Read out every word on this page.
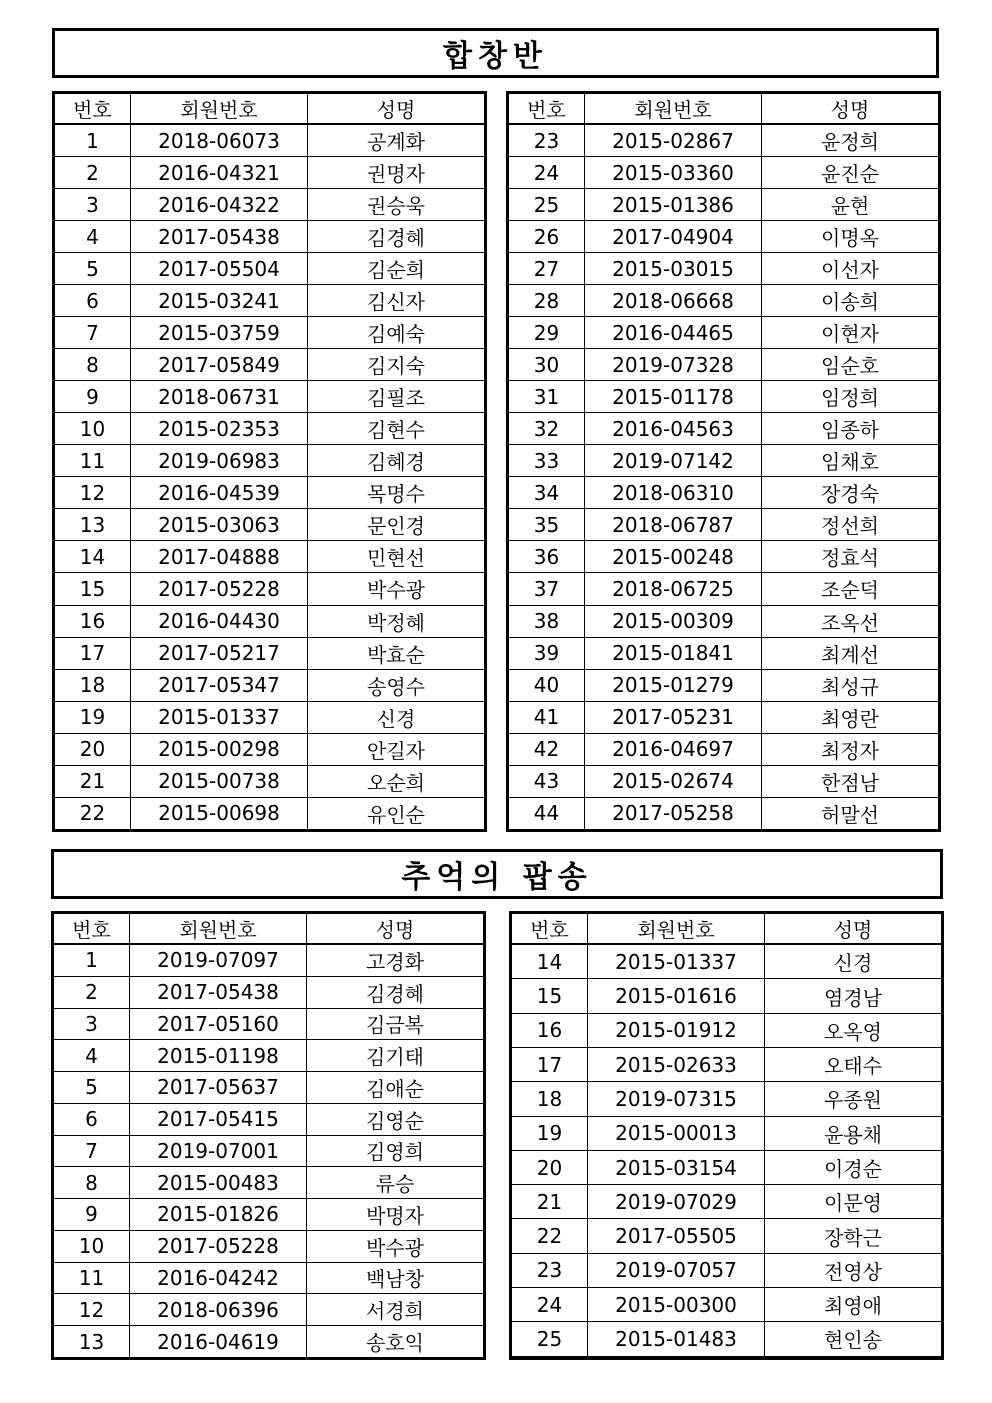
합창반
번호	회원번호	성명
1	2018-06073	공계화
2	2016-04321	권명자
3	2016-04322	권승욱
4	2017-05438	김경혜
5	2017-05504	김순희
6	2015-03241	김신자
7	2015-03759	김예숙
8	2017-05849	김지숙
9	2018-06731	김필조
10	2015-02353	김현수
11	2019-06983	김혜경
12	2016-04539	목명수
13	2015-03063	문인경
14	2017-04888	민현선
15	2017-05228	박수광
16	2016-04430	박정혜
17	2017-05217	박효순
18	2017-05347	송영수
19	2015-01337	신경
20	2015-00298	안길자
21	2015-00738	오순희
22	2015-00698	유인순
번호	회원번호	성명
23	2015-02867	윤정희
24	2015-03360	윤진순
25	2015-01386	윤현
26	2017-04904	이명옥
27	2015-03015	이선자
28	2018-06668	이송희
29	2016-04465	이현자
30	2019-07328	임순호
31	2015-01178	임정희
32	2016-04563	임종하
33	2019-07142	임채호
34	2018-06310	장경숙
35	2018-06787	정선희
36	2015-00248	정효석
37	2018-06725	조순덕
38	2015-00309	조옥선
39	2015-01841	최계선
40	2015-01279	최성규
41	2017-05231	최영란
42	2016-04697	최정자
43	2015-02674	한점남
44	2017-05258	허말선
추억의 팝송
번호	회원번호	성명
1	2019-07097	고경화
2	2017-05438	김경혜
3	2017-05160	김금복
4	2015-01198	김기태
5	2017-05637	김애순
6	2017-05415	김영순
7	2019-07001	김영희
8	2015-00483	류승
9	2015-01826	박명자
10	2017-05228	박수광
11	2016-04242	백남창
12	2018-06396	서경희
13	2016-04619	송호익
번호	회원번호	성명
14	2015-01337	신경
15	2015-01616	염경남
16	2015-01912	오옥영
17	2015-02633	오태수
18	2019-07315	우종원
19	2015-00013	윤용채
20	2015-03154	이경순
21	2019-07029	이문영
22	2017-05505	장학근
23	2019-07057	전영상
24	2015-00300	최영애
25	2015-01483	현인송
